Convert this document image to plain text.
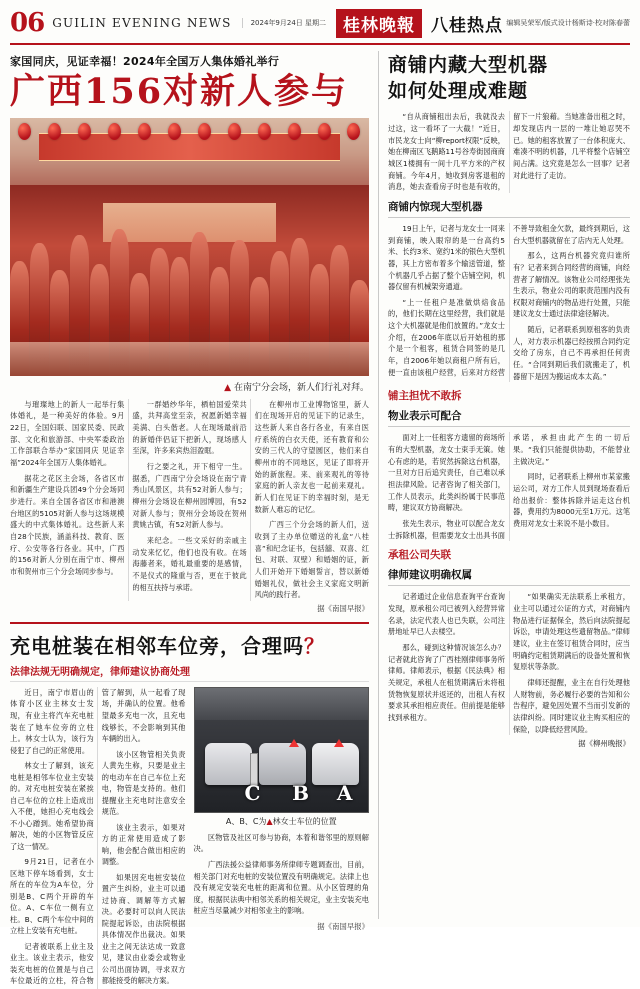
06 GUILIN EVENING NEWS	2024年9月24日 星期二	桂林晚報 八桂热点 编辑吴荣军/版式设计杨斯诗·校对陈春蕾
家国同庆，见证幸福！2024年全国万人集体婚礼举行
广西156对新人参与
▲ 在南宁分会场，新人们行礼对拜。

与璀璨地上的新人一起举行集体婚礼，是一种美好的体验。9月22日，全国妇联、国家民委、民政部、文化和旅游部、中央军委政治工作部联合举办“家国同庆 见证幸福”2024年全国万人集体婚礼。

据花之花区主会场，各省区市和新疆生产建设兵团49个分会场同步进行。来自全国各省区市和港澳台地区的5105对新人参与这场规模盛大的中式集体婚礼。这些新人来自28个民族，涵盖科技、教育、医疗、公安等各行各业。其中，广西的156对新人分别在南宁市、柳州市和贺州市三个分会场同步参与。

一群婚纱华年，栖柏国爱荣共盛，共拜高堂至亲，祝愿新婚幸福美满、白头偕老。人在现场最前沿的新婚伴侣证下把新人，现场感人至深，许多来宾热泪盈眶。

行之要之礼，开下相守一生。据悉，广西南宁分会场设在南宁青秀山风景区，共有52对新人参与；柳州分会场设在柳州园博园，有52对新人参与；贺州分会场设在贺州黄姚古镇，有52对新人参与。

来纪念。一些文采好的亲戚主动发来忆忆，他们也没有收。在场海藤者来，婚礼最重要的是感情，不是仪式的隆重与否，更在于彼此的相互扶持与承诺。

在柳州市工业博物馆里，新人们在现场开启的见证下的记录生，这些新人来自各行各业，有来自医疗系统的白衣天使，还有教育和公安的三代人的守望圆区，他们来自柳州市的不同地区，见证了即将开始的新旅程。来、前来观礼的等待家庭的新人亲友也一起前来观礼。新人们在见证下的幸福时刻，是无数新人难忘的记忆。

广西三个分会场的新人们，送收到了主办单位赠送的礼盒“八桂喜”和纪念证书，包括囍、双喜、红包、对联、双壁）和婚姻的证，新人们开始开下婚姻誓言，替以新婚婚姻礼仪，做社会主义家庭文明新风尚的践行者。

据《南国早报》
充电桩装在相邻车位旁，合理吗？
法律法规无明确规定，律师建议协商处理

近日，南宁市眉山的体育小区业主林女士发现，有业主将汽车充电桩装在了她车位旁的立柱上。林女士认为，该行为侵犯了自己的正常使用。

林女士了解到，该充电桩是相邻车位业主安装的。对充电桩安装在紧挨自己车位的立柱上造成出入不便，她担心充电线会不小心蹭到。她希望协商解决，她的小区物管反应了这一情况。

9月21日，记者在小区地下停车场看到，女士所在的车位为A车位，分别是B、C两个开辟的车位。A、C车位一侧有立柱。B、C两个车位中间的立柱上安装有充电桩。

记者被联系上业主及业主。该业主表示，他安装充电桩的位置是与自己车位最近的立柱，符合物管了解到，从一起看了现场，并确认的位置。他希望最多充电一次，且充电线够长，不会影响到其他车辆的出入。

该小区物管相关负责人黄先生称，只要是业主的电动车在自己车位上充电，物管是支持的。他们提醒业主充电时注意安全规范。

该业主表示，如果对方的正常使用造成了影响，他会配合做出相应的调整。

如果因充电桩安装位置产生纠纷，业主可以通过协商、调解等方式解决。必要时可以向人民法院提起诉讼，由法院根据具体情况作出裁决。如果业主之间无法达成一致意见，建议由业委会或物业公司出面协调，寻求双方都能接受的解决方案。

C B A
A、B、C为▲林女士车位的位置

区物管及社区可参与协商，本着和谐邻里的原则解决。

广西法援公益律师事务所律师专题调查出，目前，相关部门对充电桩的安装位置没有明确规定。法律上也没有规定安装充电桩的距离和位置。从小区管理的角度，根据民法典中相邻关系的相关规定，业主安装充电桩应当尽量减少对相邻业主的影响。

据《南国早报》
商铺内藏大型机器
如何处理成难题

“自从商铺租出去后，我就没去过这，这一看坏了一大截！”近日，市民龙女士向“柳report权限”反映，她在柳南区飞鹅路11号谷寿街园商商城区1楼拥有一间十几平方米的产权商铺。今年4月，她收到房客退租的消息，她去查看房子时也是有收的，留下一片狼藉。当她准备出租之时，却发现店内一层的一堆让她忍哭不已。她的租客放置了一台体积庞大、难凑不明的机器，几平将整个店铺空间占满。这究竟是怎么一回事？记者对此进行了走访。

商铺内惊现大型机器

19日上午，记者与龙女士一同来到商铺，映入眼帘的是一台高约5米、长约3米、宽约1米的银色大型机器，其上方密布着多个输送管道，整个机器几乎占据了整个店铺空间，机器仅留有机械架旁通道。

“上一任租户是准做烘焙食品的，他们长期在这里经营，我们就是这个大机器就是他们放置的。”龙女士介绍，在2006年底以后开始租的那个是一个租客，租赁合同签的是几年，自2006年她以商租户所有后，便一直由该租户经营，后来对方经营不善导致租金欠款，最终到期后，这台大型机器就留在了店内无人处理。

那么，这两台机器究竟归谁所有？记者来到合同经营的商铺，向经营者了解情况。该物业公司经理张先生表示，物业公司的职责范围内没有权限对商铺内的物品进行处置，只能建议龙女士通过法律途径解决。

随后，记者联系到原租客的负责人，对方表示机器已经按照合同约定交给了房东，自己不再承担任何责任。“合同到期后我们就搬走了，机器留下是因为搬运成本太高。”

铺主担忧不敢拆
物业表示可配合

面对上一任租客方遗留的商场所有的大型机器，龙女士束手无策。她心有虑的是，若贸然拆除这台机器，一旦对方日后追究责任，自己难以承担法律风险。记者咨询了相关部门，工作人员表示，此类纠纷属于民事范畴，建议双方协商解决。

张先生表示，物业可以配合龙女士拆除机器，但需要龙女士出具书面承诺，承担由此产生的一切后果。“我们只能提供协助，不能替业主做决定。”

同时，记者联系上柳州市某家搬运公司，对方工作人员到现场查看后给出报价：整体拆除并运走这台机器，费用约为8000元至1万元。这笔费用对龙女士来说不是小数目。

承租公司失联
律师建议明确权属

记者通过企业信息查询平台查询发现，原承租公司已被列入经营异常名录，法定代表人也已失联，公司注册地址早已人去楼空。

那么，碰到这种情况该怎么办？记者就此咨询了广西桂刚律师事务所律师。律师表示，根据《民法典》相关规定，承租人在租赁期满后未将租赁物恢复原状并返还的，出租人有权要求其承担相应责任。但前提是能够找到承租方。

“如果确实无法联系上承租方，业主可以通过公证的方式，对商铺内物品进行证据保全，然后向法院提起诉讼，申请处理这些遗留物品。”律师建议，业主在签订租赁合同时，应当明确约定租赁期满后的设备处置和恢复原状等条款。

律师还提醒，业主在自行处理他人财物前，务必履行必要的告知和公告程序，避免因处置不当而引发新的法律纠纷。同时建议业主购买相应的保险，以降低经营风险。

据《柳州晚报》
